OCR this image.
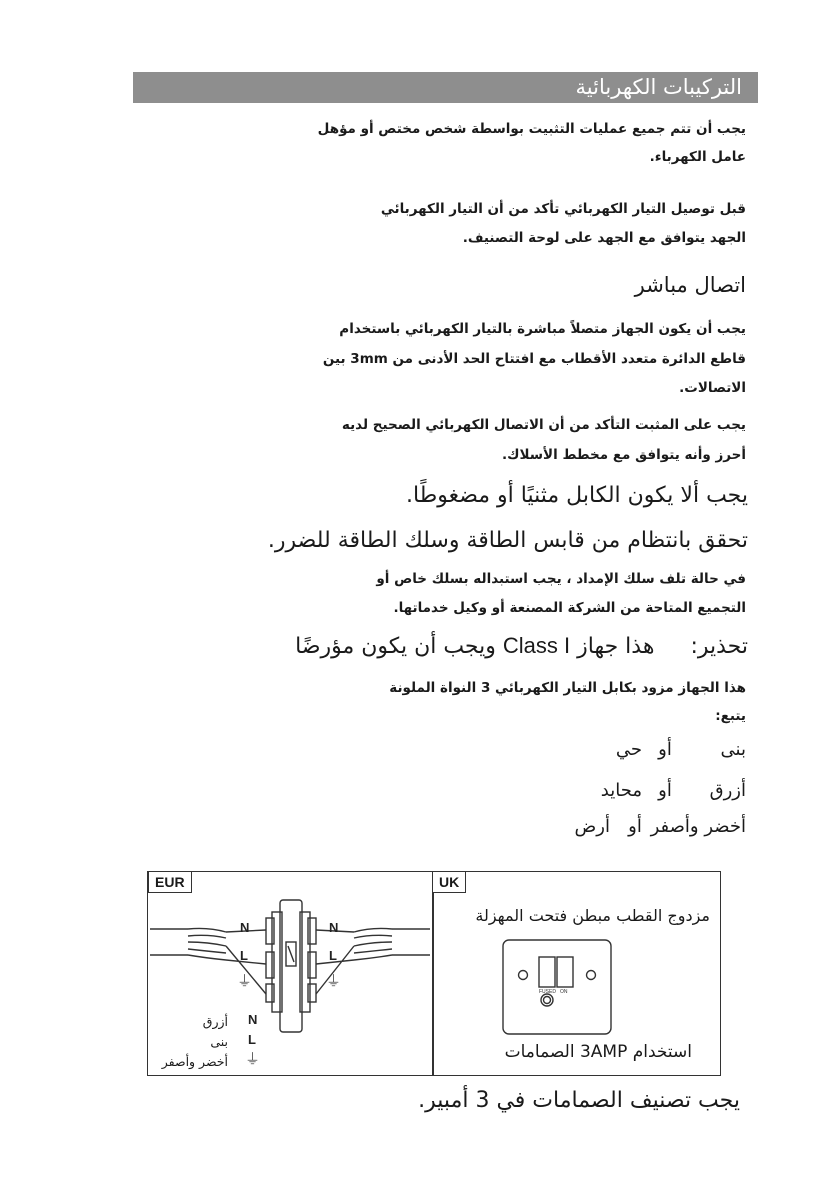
التركيبات الكهربائية
يجب أن تتم جميع عمليات التثبيت بواسطة شخص مختص أو مؤهل
عامل الكهرباء.
قبل توصيل التيار الكهربائي تأكد من أن التيار الكهربائي
الجهد يتوافق مع الجهد على لوحة التصنيف.
اتصال مباشر
يجب أن يكون الجهاز متصلاً مباشرة بالتيار الكهربائي باستخدام
قاطع الدائرة متعدد الأقطاب مع افتتاح الحد الأدنى من 3mm بين
الاتصالات.
يجب على المثبت التأكد من أن الاتصال الكهربائي الصحيح لديه
أحرز وأنه يتوافق مع مخطط الأسلاك.
يجب ألا يكون الكابل مثنيًا أو مضغوطًا.
تحقق بانتظام من قابس الطاقة وسلك الطاقة للضرر.
في حالة تلف سلك الإمداد ، يجب استبداله بسلك خاص أو
التجميع المتاحة من الشركة المصنعة أو وكيل خدماتها.
تحذير:  هذا جهاز Class I ويجب أن يكون مؤرضًا
هذا الجهاز مزود بكابل التيار الكهربائي 3 النواة الملونة
يتبع:
بنىأوحي
أزرقأومحايد
أخضر وأصفرأوأرض
EUR	UK
N
L
⏚
N
L
⏚
N
L
⏚
أزرق
بنى
أخضر وأصفر
مزدوج القطب مبطن فتحت المهزلة
FUSED ON
استخدام 3AMP الصمامات
يجب تصنيف الصمامات في 3 أمبير.
